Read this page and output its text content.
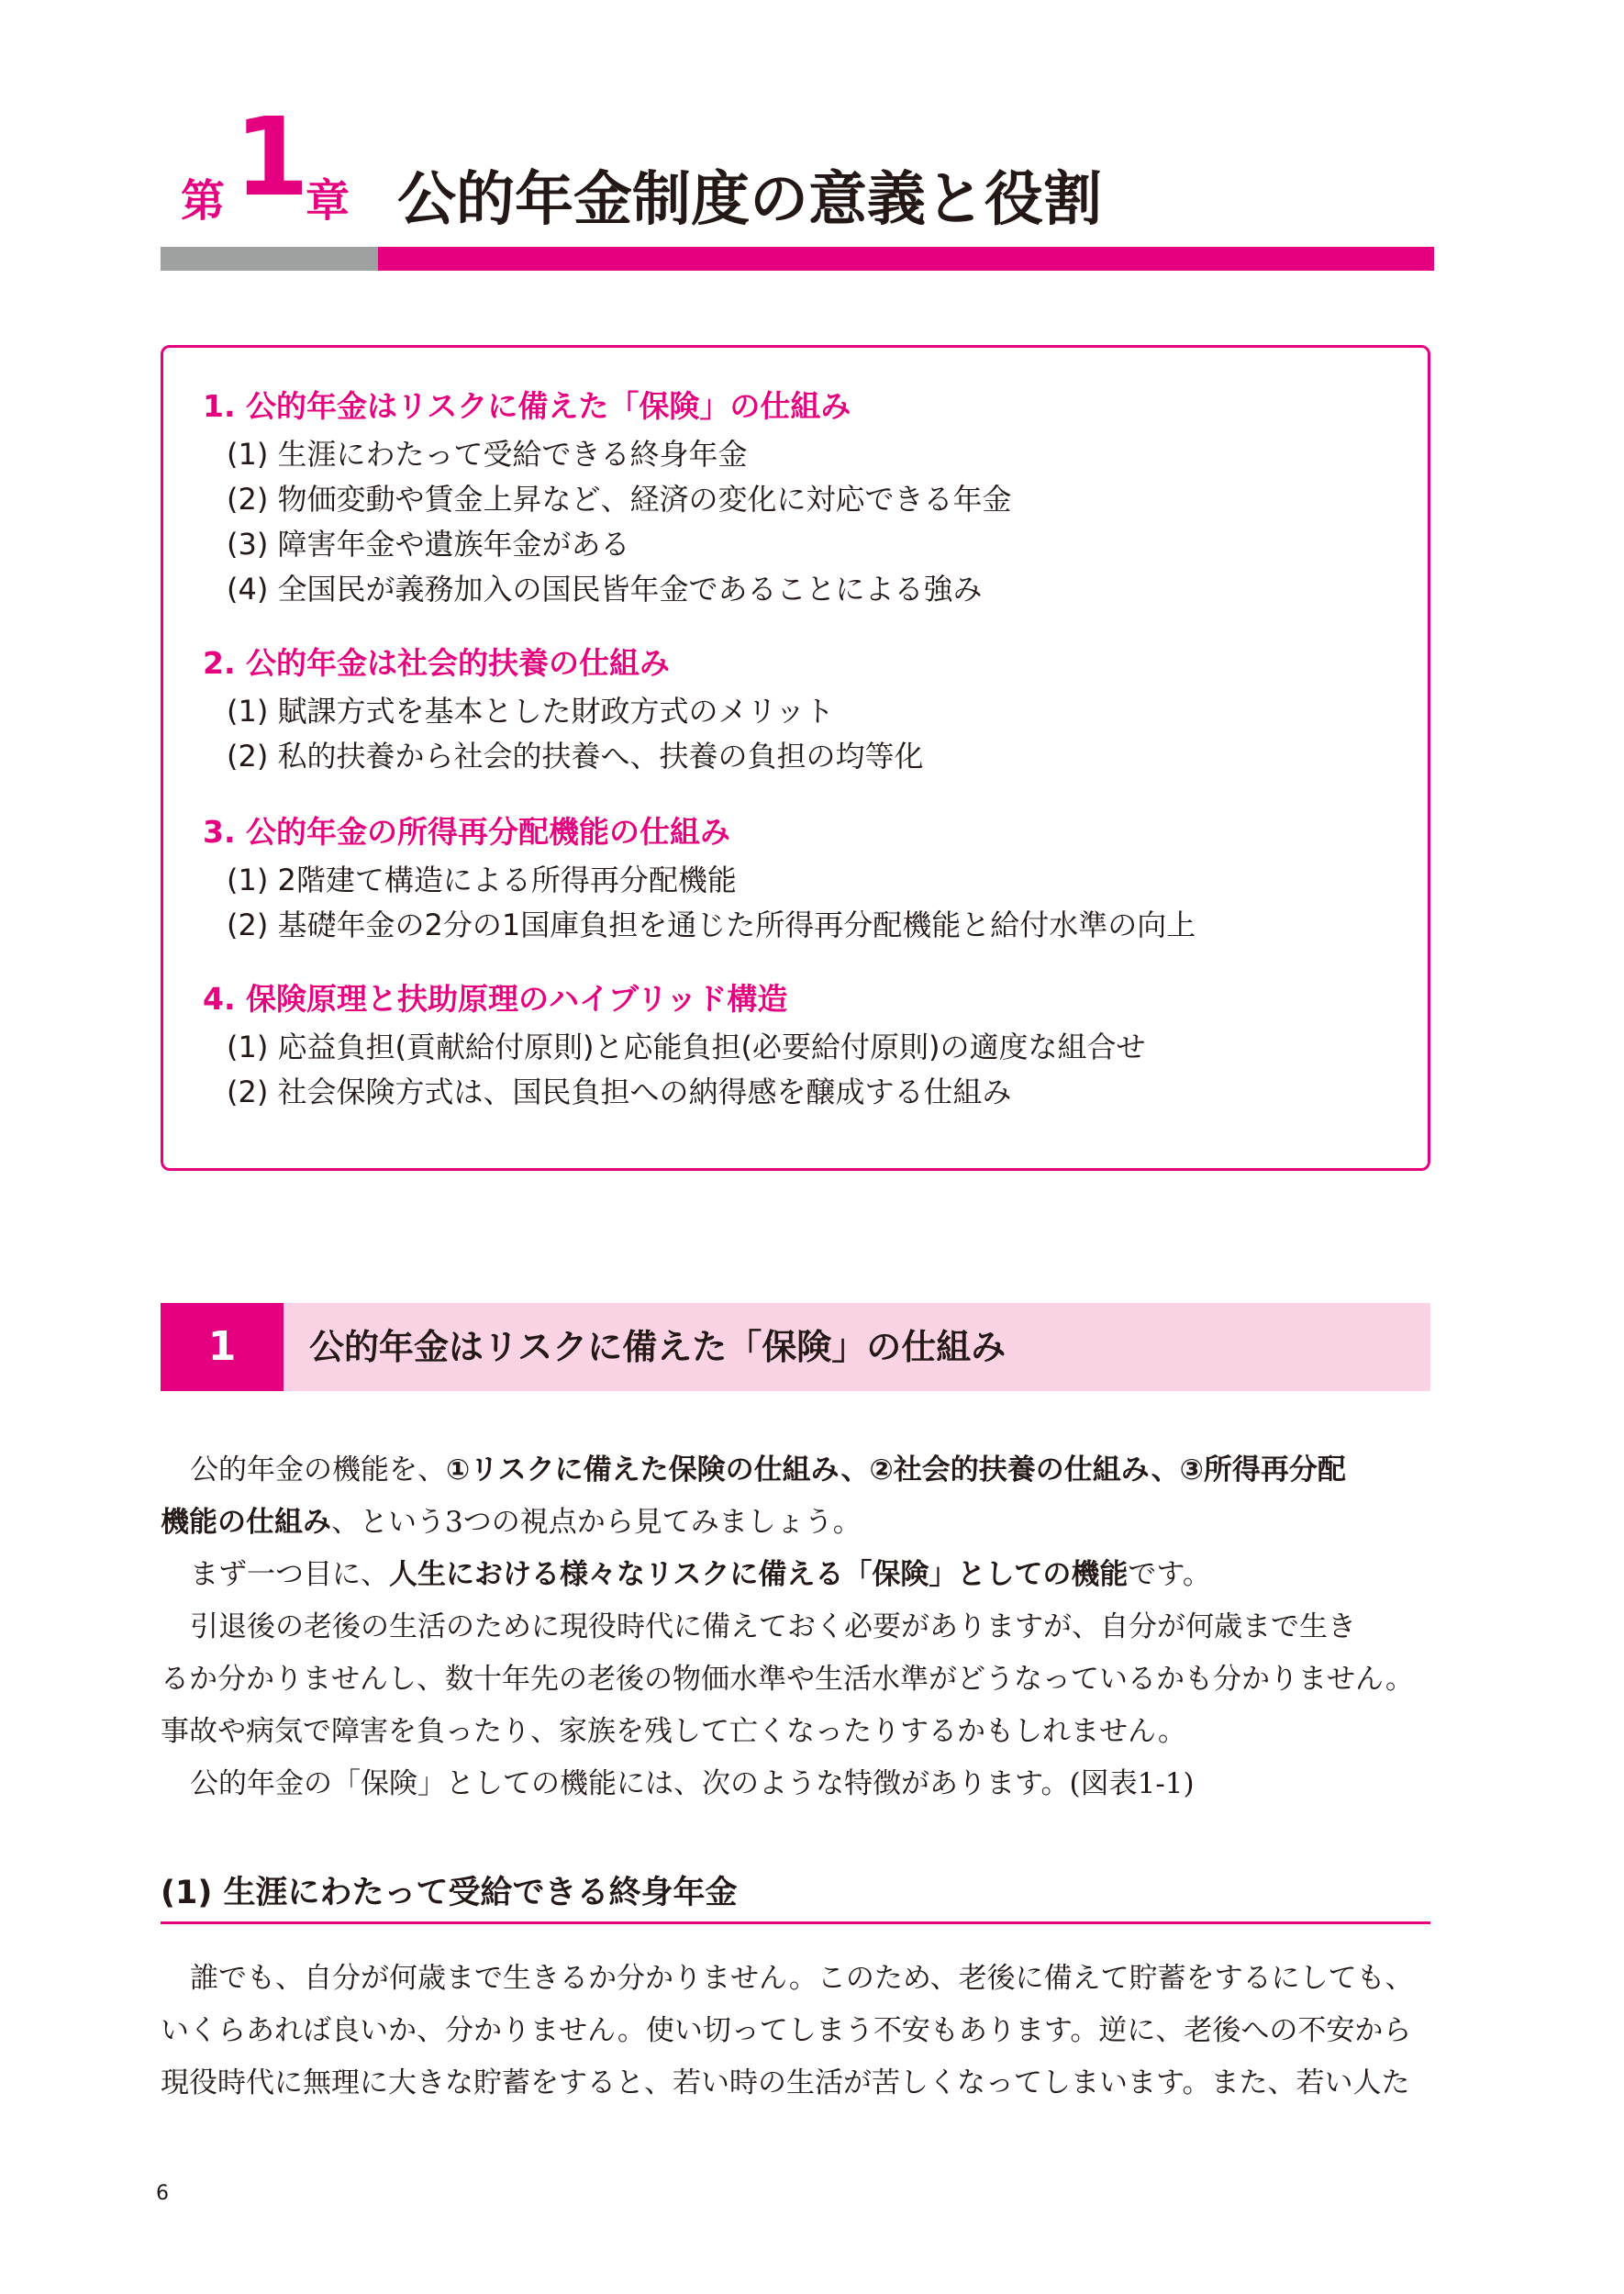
第 1
章 公的年金制度の意義と役割
1. 公的年金はリスクに備えた「保険」の仕組み
(1) 生涯にわたって受給できる終身年金
(2) 物価変動や賃金上昇など、経済の変化に対応できる年金
(3) 障害年金や遺族年金がある
(4) 全国民が義務加入の国民皆年金であることによる強み
2. 公的年金は社会的扶養の仕組み
(1) 賦課方式を基本とした財政方式のメリット
(2) 私的扶養から社会的扶養へ、扶養の負担の均等化
3. 公的年金の所得再分配機能の仕組み
(1) 2階建て構造による所得再分配機能
(2) 基礎年金の2分の1国庫負担を通じた所得再分配機能と給付水準の向上
4. 保険原理と扶助原理のハイブリッド構造
(1) 応益負担(貢献給付原則)と応能負担(必要給付原則)の適度な組合せ
(2) 社会保険方式は、国民負担への納得感を醸成する仕組み
1	公的年金はリスクに備えた「保険」の仕組み
公的年金の機能を、①リスクに備えた保険の仕組み、②社会的扶養の仕組み、③所得再分配
機能の仕組み、という3つの視点から見てみましょう。
まず一つ目に、人生における様々なリスクに備える「保険」としての機能です。
引退後の老後の生活のために現役時代に備えておく必要がありますが、自分が何歳まで生き
るか分かりませんし、数十年先の老後の物価水準や生活水準がどうなっているかも分かりません。
事故や病気で障害を負ったり、家族を残して亡くなったりするかもしれません。
公的年金の「保険」としての機能には、次のような特徴があります。(図表1-1)
(1) 生涯にわたって受給できる終身年金
誰でも、自分が何歳まで生きるか分かりません。このため、老後に備えて貯蓄をするにしても、
いくらあれば良いか、分かりません。使い切ってしまう不安もあります。逆に、老後への不安から
現役時代に無理に大きな貯蓄をすると、若い時の生活が苦しくなってしまいます。また、若い人た
6
